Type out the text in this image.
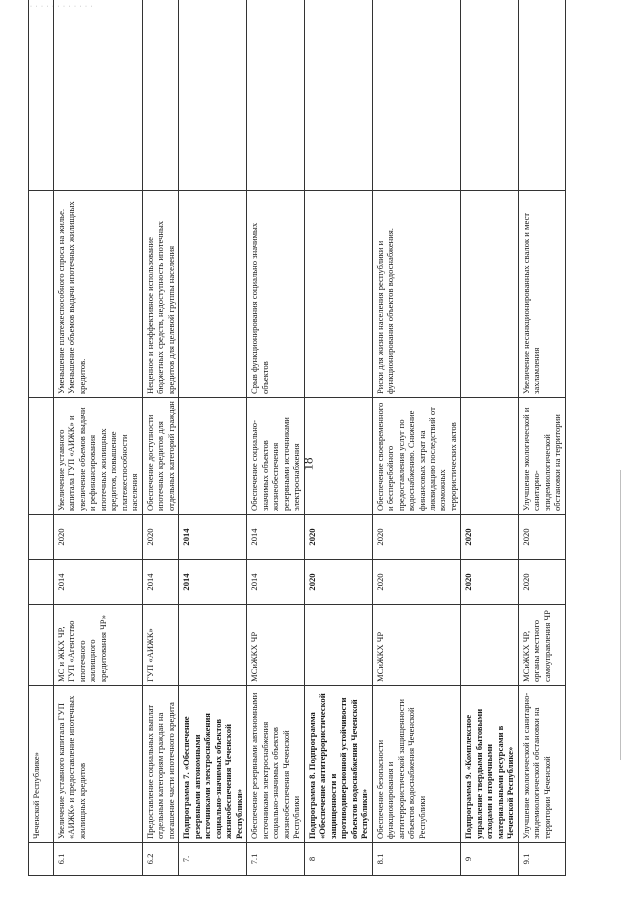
· · · · · · · · · · · ·
18
	Чеченской Республике»						
6.1	Увеличение уставного капитала ГУП «АИЖК» и предоставление ипотечных жилищных кредитов	МС и ЖКХ ЧР, ГУП «Агентство ипотечного жилищного кредитования ЧР»	2014	2020	Увеличение уставного капитала ГУП «АИЖК» и увеличение объемов выдачи и рефинансирования ипотечных жилищных кредитов, повышение платежеспособности населения	Уменьшение платежеспособного спроса на жилье. Уменьшение объемов выдачи ипотечных жилищных кредитов.	
6.2	Предоставление социальных выплат отдельным категориям граждан на погашение части ипотечного кредита	ГУП «АИЖК»	2014	2020	Обеспечение доступности ипотечных кредитов для отдельных категорий граждан	Неценное и неэффективное использование бюджетных средств, недоступность ипотечных кредитов для целевой группы населения	
7.	Подпрограмма 7. «Обеспечение резервными автономными источниками электроснабжения социально-значимых объектов жизнеобеспечения Чеченской Республики»		2014	2014			
7.1	Обеспечение резервными автономными источниками электроснабжения социально-значимых объектов жизнеобеспечения Чеченской Республики	МСиЖКХ ЧР	2014	2014	Обеспечение социально-значимых объектов жизнеобеспечения резервными источниками электроснабжения	Срыв функционирования социально значимых объектов	
8	Подпрограмма 8. Подпрограмма «Обеспечение антитеррористической защищенности и противодиверсионной устойчивости объектов водоснабжения Чеченской Республики»		2020	2020			
8.1	Обеспечение безопасности функционирования и антитеррористической защищенности объектов водоснабжения Чеченской Республики	МСиЖКХ ЧР	2020	2020	Обеспечение своевременного и бесперебойного предоставления услуг по водоснабжению. Снижение финансовых затрат на ликвидацию последствий от возможных террористических актов	Риски для жизни населения республики и функционирования объектов водоснабжения.	
9	Подпрограмма 9. «Комплексное управление твердыми бытовыми отходами и вторичными материальными ресурсами в Чеченской Республике»		2020	2020			
9.1	Улучшение экологической и санитарно-эпидемиологической обстановки на территории Чеченской	МСиЖКХ ЧР, органы местного самоуправления ЧР	2020	2020	Улучшение экологической и санитарно-эпидемиологической обстановки на территории	Увеличение несанкционированных свалок и мест захламления	
